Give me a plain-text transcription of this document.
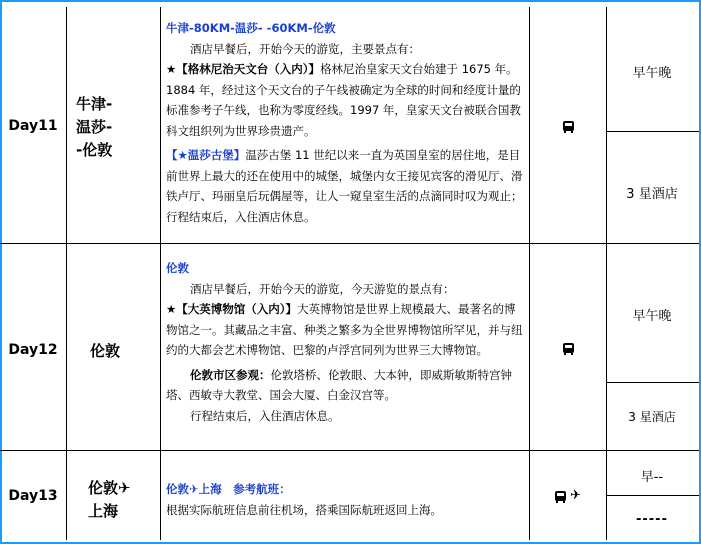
Day11
牛津-
温莎-
-伦敦

牛津-80KM-温莎- -60KM-伦敦

酒店早餐后，开始今天的游览，主要景点有：

★【格林尼治天文台（入内）】格林尼治皇家天文台始建于 1675 年。1884 年，经过这个天文台的子午线被确定为全球的时间和经度计量的标准参考子午线，也称为零度经线。1997 年，皇家天文台被联合国教科文组织列为世界珍贵遗产。

【★温莎古堡】温莎古堡 11 世纪以来一直为英国皇室的居住地，是目前世界上最大的还在使用中的城堡，城堡内女王接见宾客的滑见厅、滑铁卢厅、玛丽皇后玩偶屋等，让人一窥皇室生活的点滴同时叹为观止；行程结束后，入住酒店休息。

早午晚
3 星酒店
Day12	伦敦

伦敦

酒店早餐后，开始今天的游览，今天游览的景点有：

★【大英博物馆（入内）】大英博物馆是世界上规模最大、最著名的博物馆之一。其藏品之丰富、种类之繁多为全世界博物馆所罕见，并与纽约的大都会艺术博物馆、巴黎的卢浮宫同列为世界三大博物馆。

伦敦市区参观：伦敦塔桥、伦敦眼、大本钟，即威斯敏斯特宫钟塔、西敏寺大教堂、国会大厦、白金汉宫等。

行程结束后，入住酒店休息。

早午晚
3 星酒店
Day13	伦敦✈
上海

伦敦✈上海　参考航班：

根据实际航班信息前往机场，搭乘国际航班返回上海。

✈
早--
-----
